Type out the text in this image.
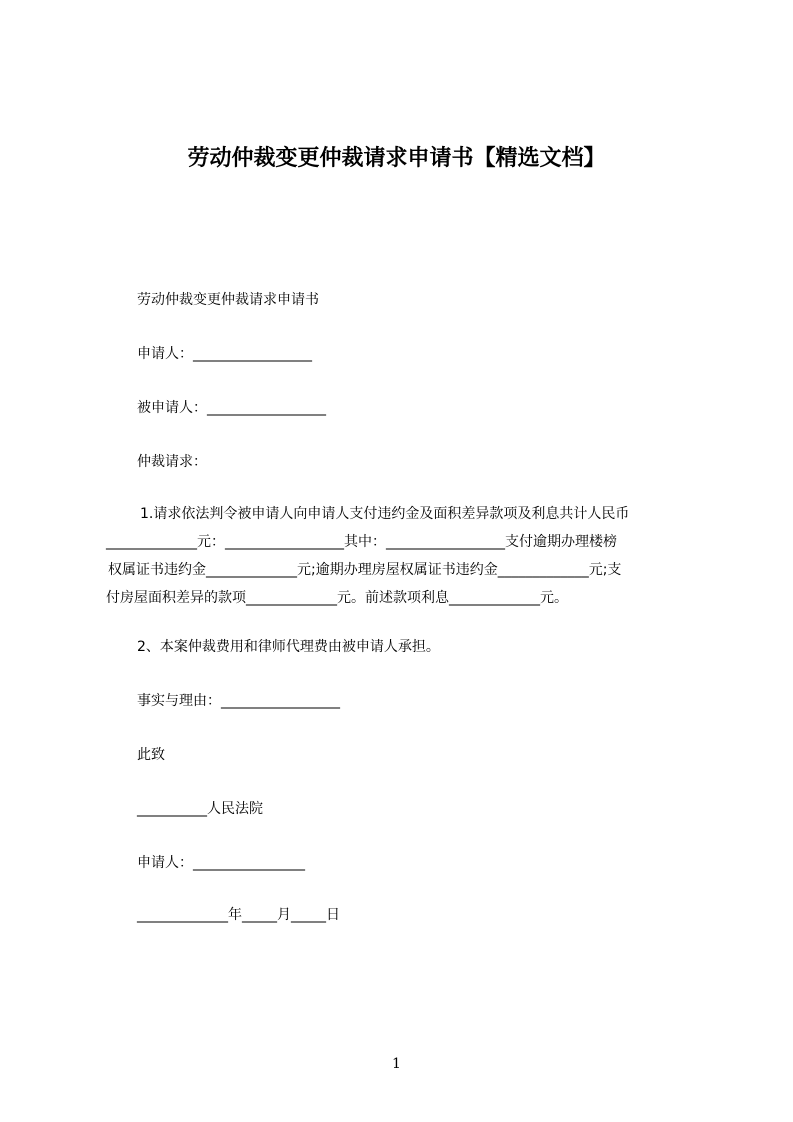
劳动仲裁变更仲裁请求申请书【精选文档】
劳动仲裁变更仲裁请求申请书
申请人：_________________
被申请人：_________________
仲裁请求：
1.请求依法判令被申请人向申请人支付违约金及面积差异款项及利息共计人民币
_____________元：_________________其中：_________________支付逾期办理楼榜
权属证书违约金_____________元;逾期办理房屋权属证书违约金_____________元;支
付房屋面积差异的款项_____________元。前述款项利息_____________元。
2、本案仲裁费用和律师代理费由被申请人承担。
事实与理由：_________________
此致
__________人民法院
申请人：________________
_____________年_____月_____日
1
